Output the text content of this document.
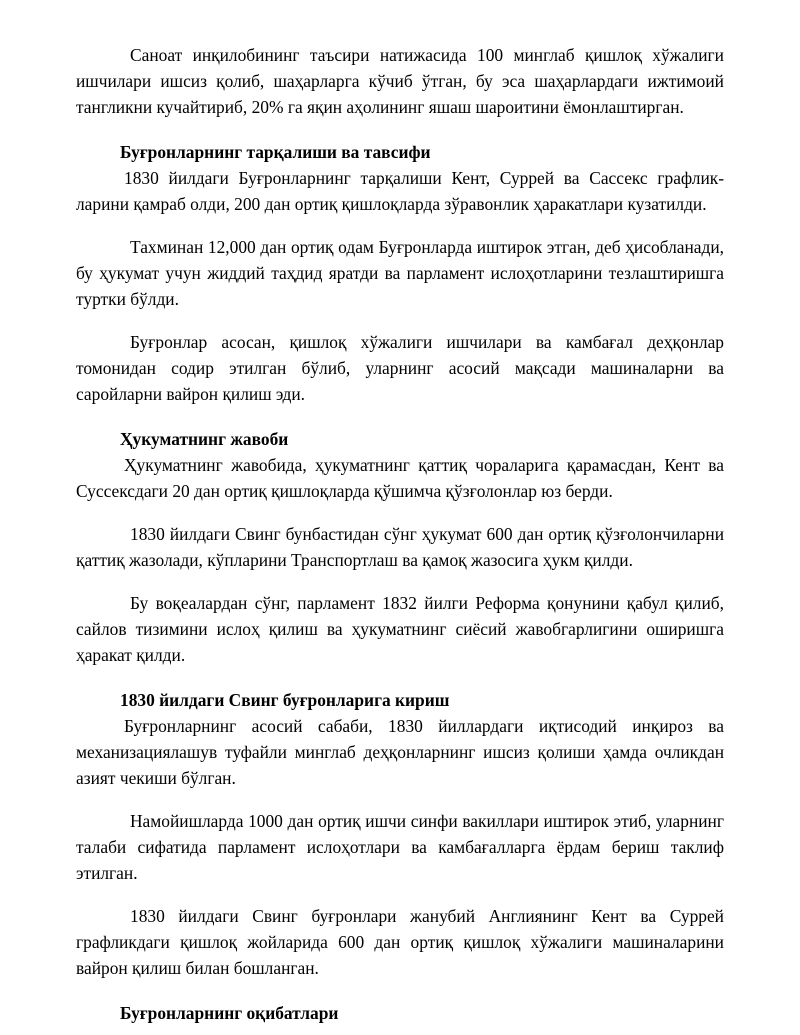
Саноат инқилобининг таъсири натижасида 100 минглаб қишлоқ хўжалиги ишчилари ишсиз қолиб, шаҳарларга кўчиб ўтган, бу эса шаҳарлардаги ижтимоий тангликни кучайтириб, 20% га яқин аҳолининг яшаш шароитини ёмонлаштирган.

Буғронларнинг тарқалиши ва тавсифи

1830 йилдаги Буғронларнинг тарқалиши Кент, Суррей ва Сассекс графлик-ларини қамраб олди, 200 дан ортиқ қишлоқларда зўравонлик ҳаракатлари кузатилди.

Тахминан 12,000 дан ортиқ одам Буғронларда иштирок этган, деб ҳисобланади, бу ҳукумат учун жиддий таҳдид яратди ва парламент ислоҳотларини тезлаштиришга туртки бўлди.

Буғронлар асосан, қишлоқ хўжалиги ишчилари ва камбағал деҳқонлар томонидан содир этилган бўлиб, уларнинг асосий мақсади машиналарни ва саройларни вайрон қилиш эди.

Ҳукуматнинг жавоби

Ҳукуматнинг жавобида, ҳукуматнинг қаттиқ чораларига қарамасдан, Кент ва Суссексдаги 20 дан ортиқ қишлоқларда қўшимча қўзғолонлар юз берди.

1830 йилдаги Свинг бунбастидан сўнг ҳукумат 600 дан ортиқ қўзғолончиларни қаттиқ жазолади, кўпларини Транспортлаш ва қамоқ жазосига ҳукм қилди.

Бу воқеалардан сўнг, парламент 1832 йилги Реформа қонунини қабул қилиб, сайлов тизимини ислоҳ қилиш ва ҳукуматнинг сиёсий жавобгарлигини оширишга ҳаракат қилди.

1830 йилдаги Свинг буғронларига кириш

Буғронларнинг асосий сабаби, 1830 йиллардаги иқтисодий инқироз ва механизациялашув туфайли минглаб деҳқонларнинг ишсиз қолиши ҳамда очликдан азият чекиши бўлган.

Намойишларда 1000 дан ортиқ ишчи синфи вакиллари иштирок этиб, уларнинг талаби сифатида парламент ислоҳотлари ва камбағалларга ёрдам бериш таклиф этилган.

1830 йилдаги Свинг буғронлари жанубий Англиянинг Кент ва Суррей графликдаги қишлоқ жойларида 600 дан ортиқ қишлоқ хўжалиги машиналарини вайрон қилиш билан бошланган.

Буғронларнинг оқибатлари
